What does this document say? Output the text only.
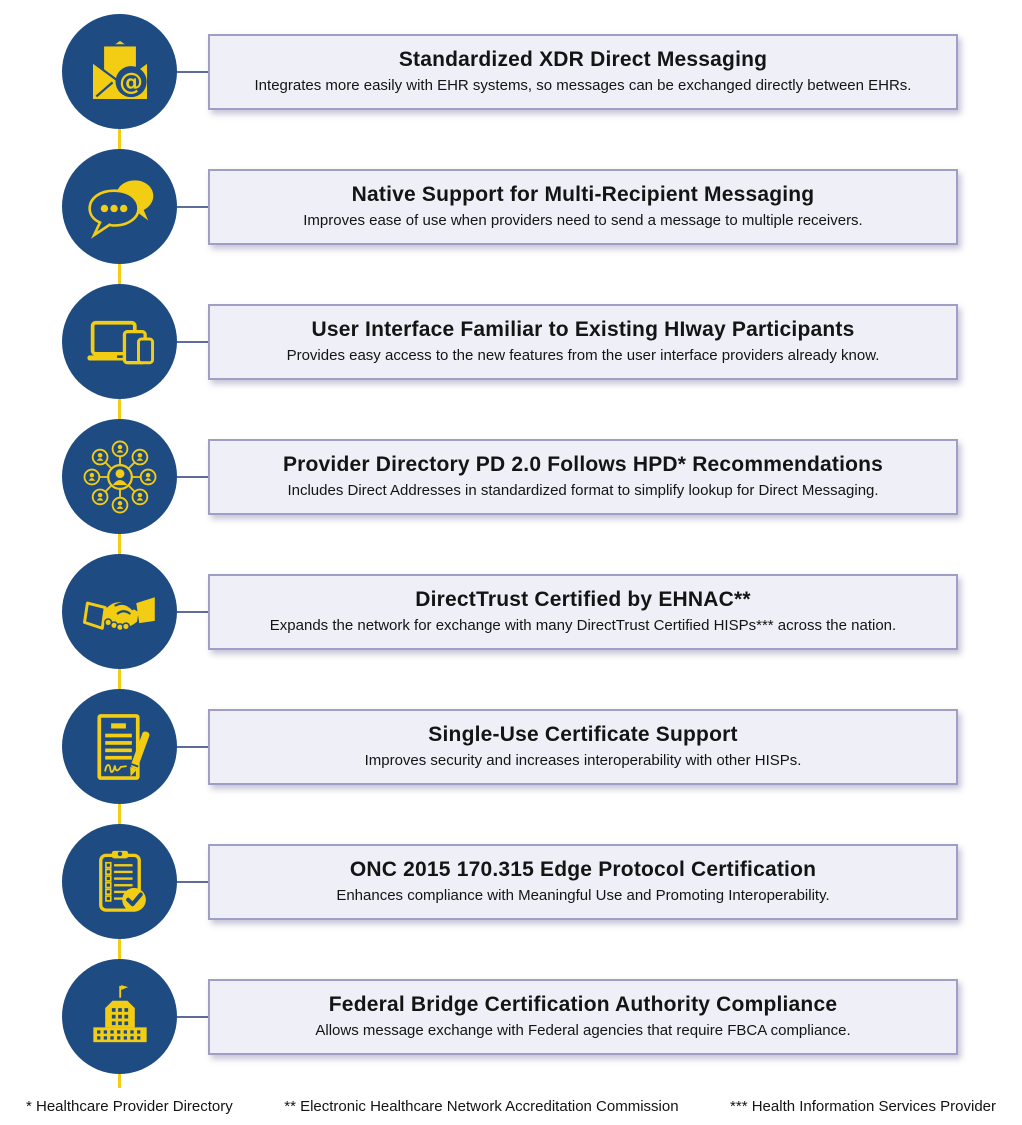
@
Standardized XDR Direct Messaging
Integrates more easily with EHR systems, so messages can be exchanged directly between EHRs.
Native Support for Multi-Recipient Messaging
Improves ease of use when providers need to send a message to multiple receivers.
User Interface Familiar to Existing HIway Participants
Provides easy access to the new features from the user interface providers already know.
Provider Directory PD 2.0 Follows HPD* Recommendations
Includes Direct Addresses in standardized format to simplify lookup for Direct Messaging.
DirectTrust Certified by EHNAC**
Expands the network for exchange with many DirectTrust Certified HISPs*** across the nation.
Single-Use Certificate Support
Improves security and increases interoperability with other HISPs.
ONC 2015 170.315 Edge Protocol Certification
Enhances compliance with Meaningful Use and Promoting Interoperability.
Federal Bridge Certification Authority Compliance
Allows message exchange with Federal agencies that require FBCA compliance.
* Healthcare Provider Directory	** Electronic Healthcare Network Accreditation Commission	*** Health Information Services Provider
